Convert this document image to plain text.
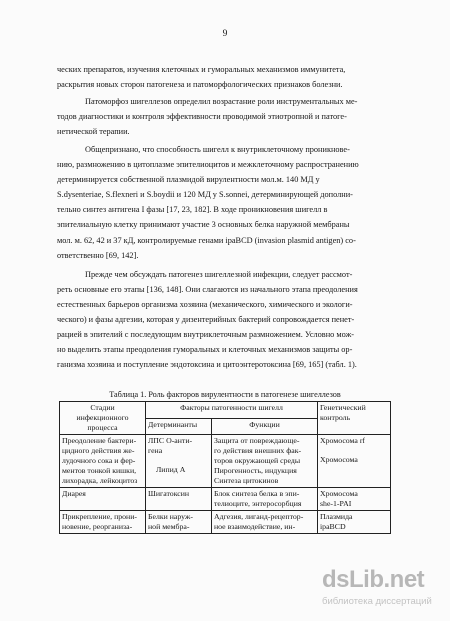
9
ческих препаратов, изучения клеточных и гуморальных механизмов иммунитета,
раскрытия новых сторон патогенеза и патоморфологических признаков болезни.
Патоморфоз шигеллезов определил возрастание роли инструментальных ме-
тодов диагностики и контроля эффективности проводимой этиотропной и патоге-
нетической терапии.
Общепризнано, что способность шигелл к внутриклеточному проникнове-
нию, размножению в цитоплазме эпителиоцитов и межклеточному распространению
детерминируется собственной плазмидой вирулентности мол.м. 140 МД у
S.dysenteriae, S.flexneri и S.boydii и 120 МД у S.sonnei, детерминирующей дополни-
тельно синтез антигена I фазы [17, 23, 182]. В ходе проникновения шигелл в
эпителиальную клетку принимают участие 3 основных белка наружной мембраны
мол. м. 62, 42 и 37 кД, контролируемые генами ipaBCD (invasion plasmid antigen) со-
ответственно [69, 142].
Прежде чем обсуждать патогенез шигеллезной инфекции, следует рассмот-
реть основные его этапы [136, 148]. Они слагаются из начального этапа преодоления
естественных барьеров организма хозяина (механического, химического и экологи-
ческого) и фазы адгезии, которая у дизентерийных бактерий сопровождается пенет-
рацией в эпителий с последующим внутриклеточным размножением. Условно мож-
но выделить этапы преодоления гуморальных и клеточных механизмов защиты ор-
ганизма хозяина и поступление эндотоксина и цитоэнтеротоксина [69, 165] (табл. 1).
Таблица 1. Роль факторов вирулентности в патогенезе шигеллезов
Стадии
инфекционного
процесса	Факторы патогенности шигелл		Генетический
контроль

	Детерминанты	Функции	

Преодоление бактери-
цидного действия же-
лудочного сока и фер-
ментов тонкой кишки,
лихорадка, лейкоцитоз	ЛПС О-анти-
гена
Липид А	Защита от повреждающе-
го действия внешних фак-
торов окружающей среды
Пирогенность, индукция
Синтеза цитокинов	Хромосома rf
Хромосома

Диарея	Шигатоксин	Блок синтеза белка в эпи-
телиоците, энтеросорбция	Хромосома
she-1-PAI

Прикрепление, прони-
новение, реорганиза-	Белки наруж-
ной мембра-	Адгезия, лиганд-рецептор-
ное взаимодействие, ин-	Плазмида
ipaBCD
dsLib.net
библиотека диссертаций
